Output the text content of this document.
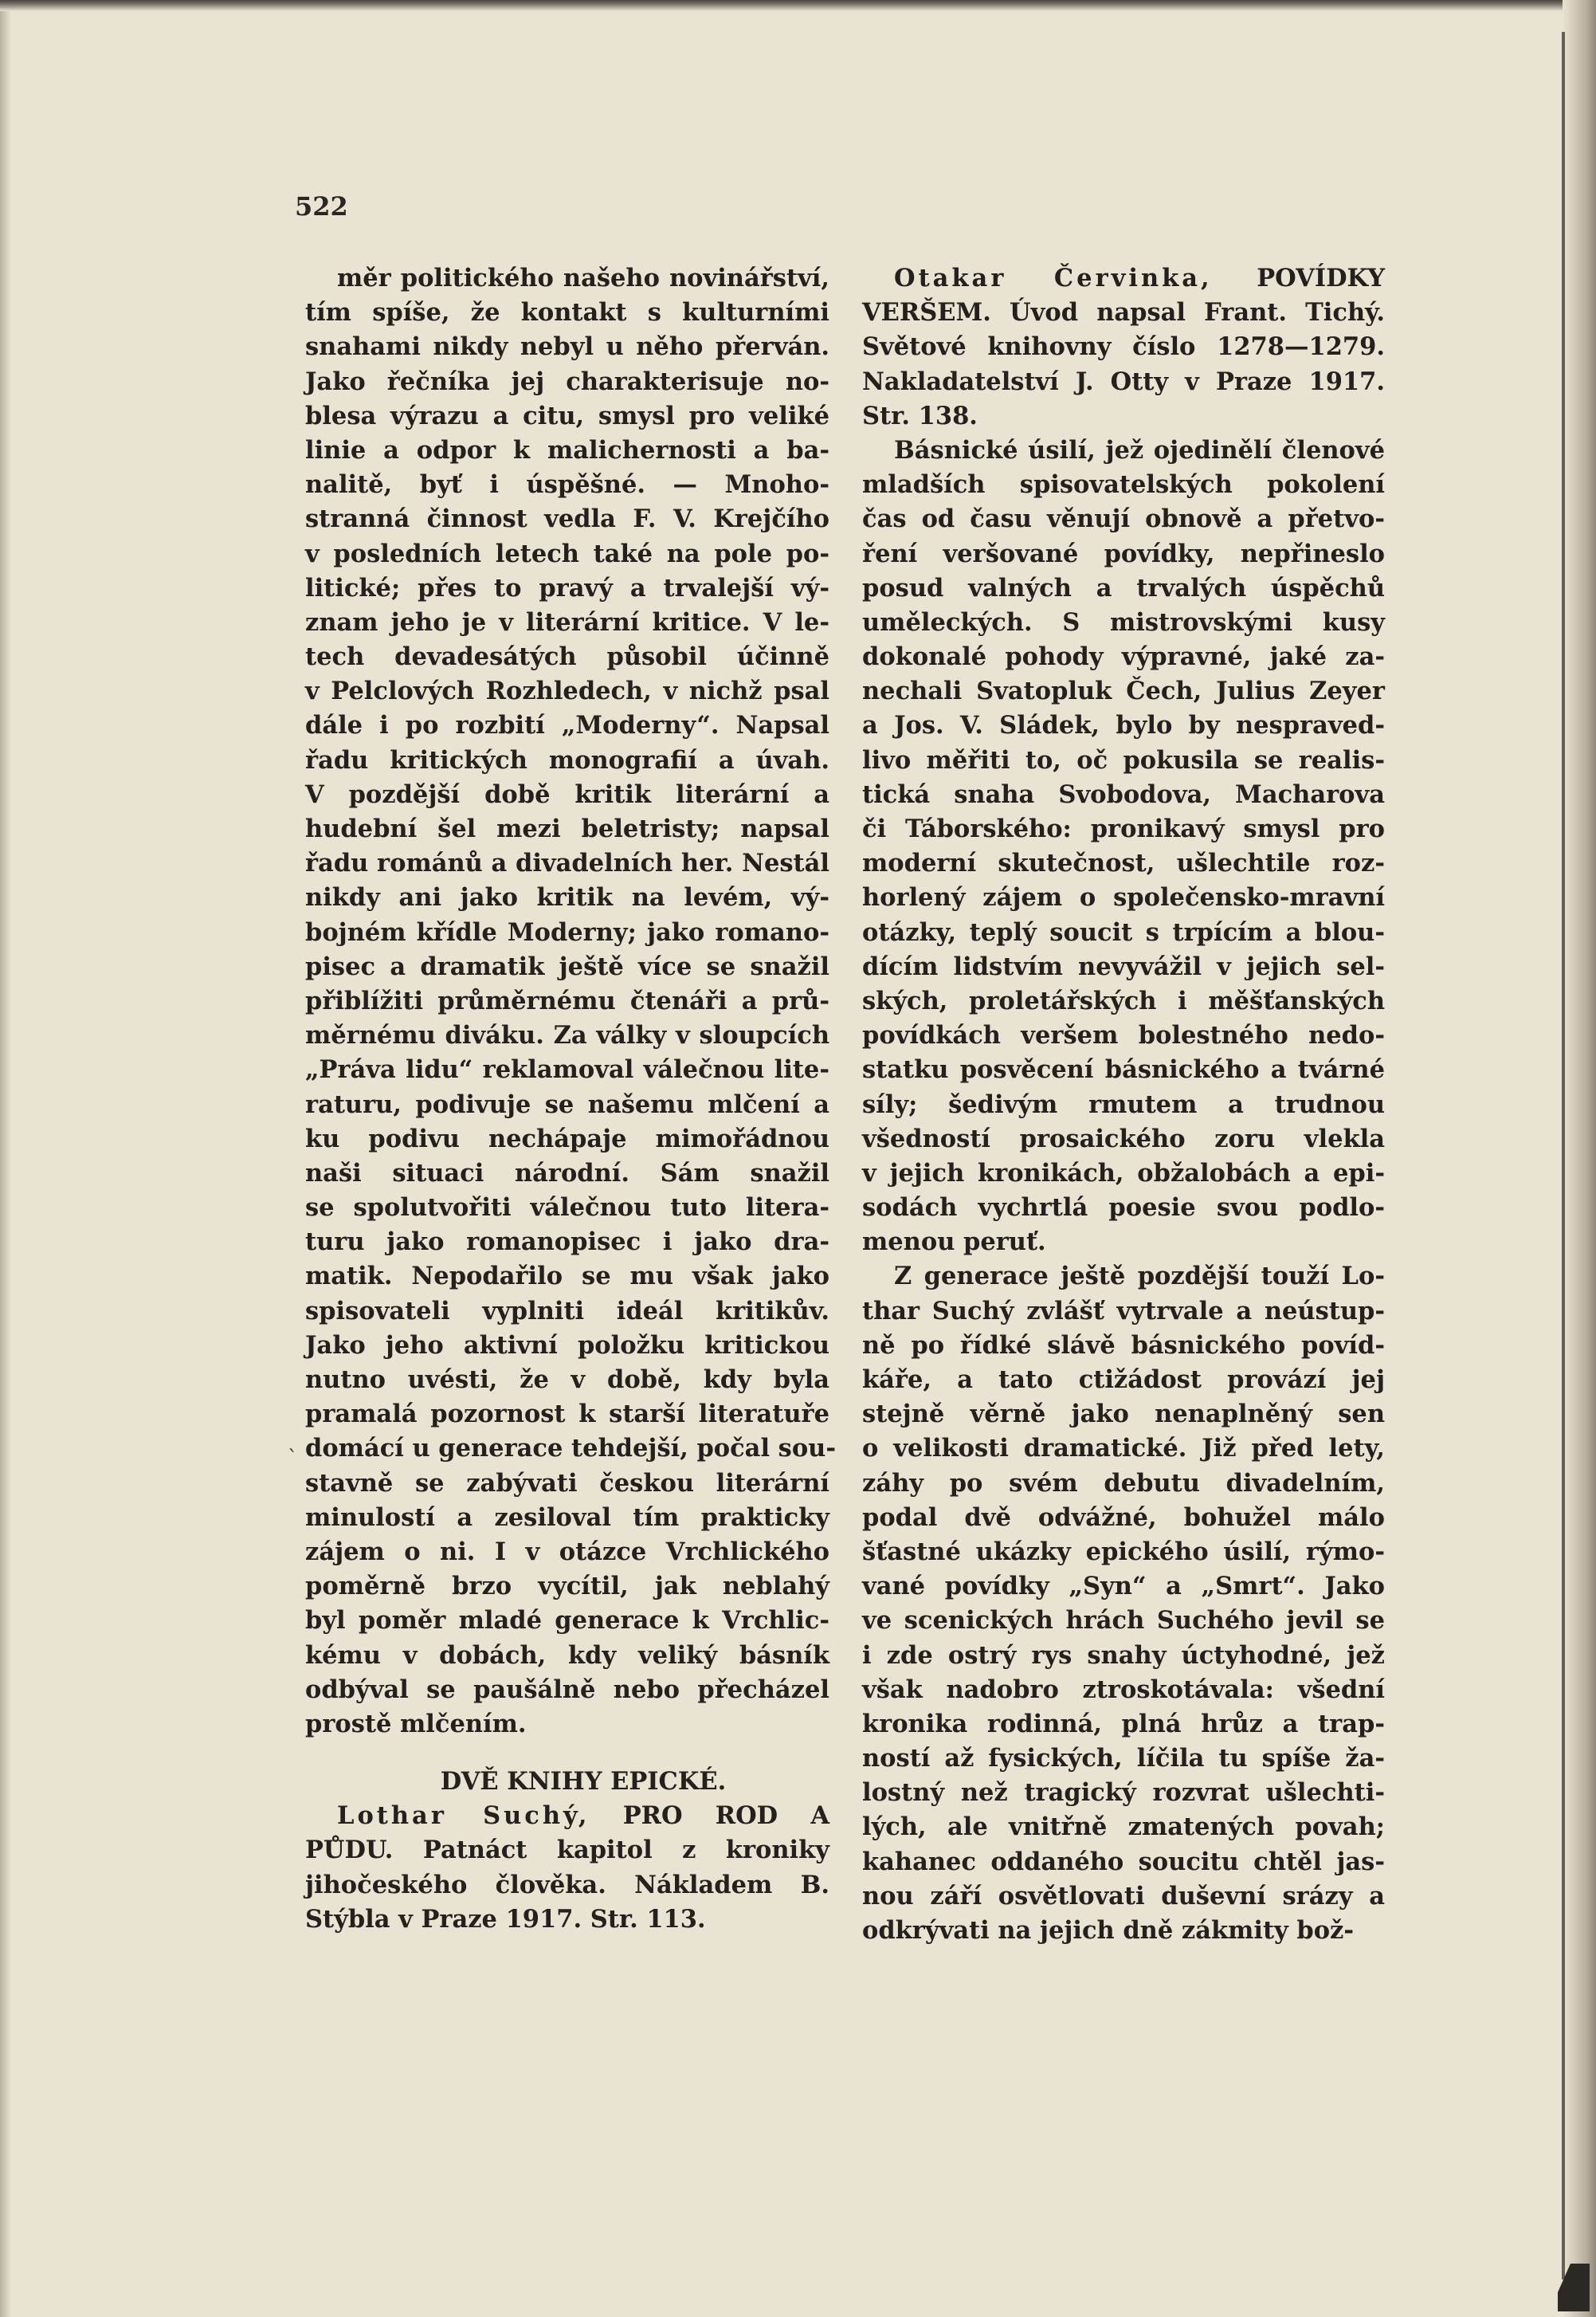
522
`
měr politického našeho novinářství,
tím spíše, že kontakt s kulturními
snahami nikdy nebyl u něho přerván.
Jako řečníka jej charakterisuje no-
blesa výrazu a citu, smysl pro veliké
linie a odpor k malichernosti a ba-
nalitě, byť i úspěšné. — Mnoho-
stranná činnost vedla F. V. Krejčího
v posledních letech také na pole po-
litické; přes to pravý a trvalejší vý-
znam jeho je v literární kritice. V le-
tech devadesátých působil účinně
v Pelclových Rozhledech, v nichž psal
dále i po rozbití „Moderny“. Napsal
řadu kritických monografií a úvah.
V pozdější době kritik literární a
hudební šel mezi beletristy; napsal
řadu románů a divadelních her. Nestál
nikdy ani jako kritik na levém, vý-
bojném křídle Moderny; jako romano-
pisec a dramatik ještě více se snažil
přiblížiti průměrnému čtenáři a prů-
měrnému diváku. Za války v sloupcích
„Práva lidu“ reklamoval válečnou lite-
raturu, podivuje se našemu mlčení a
ku podivu nechápaje mimořádnou
naši situaci národní. Sám snažil
se spolutvořiti válečnou tuto litera-
turu jako romanopisec i jako dra-
matik. Nepodařilo se mu však jako
spisovateli vyplniti ideál kritikův.
Jako jeho aktivní položku kritickou
nutno uvésti, že v době, kdy byla
pramalá pozornost k starší literatuře
domácí u generace tehdejší, počal sou-
stavně se zabývati českou literární
minulostí a zesiloval tím prakticky
zájem o ni. I v otázce Vrchlického
poměrně brzo vycítil, jak neblahý
byl poměr mladé generace k Vrchlic-
kému v dobách, kdy veliký básník
odbýval se paušálně nebo přecházel
prostě mlčením.
DVĚ KNIHY EPICKÉ.
Lothar Suchý, PRO ROD A
PŮDU. Patnáct kapitol z kroniky
jihočeského člověka. Nákladem B.
Stýbla v Praze 1917. Str. 113.
Otakar Červinka, POVÍDKY
VERŠEM. Úvod napsal Frant. Tichý.
Světové knihovny číslo 1278—1279.
Nakladatelství J. Otty v Praze 1917.
Str. 138.
Básnické úsilí, jež ojedinělí členové
mladších spisovatelských pokolení
čas od času věnují obnově a přetvo-
ření veršované povídky, nepřineslo
posud valných a trvalých úspěchů
uměleckých. S mistrovskými kusy
dokonalé pohody výpravné, jaké za-
nechali Svatopluk Čech, Julius Zeyer
a Jos. V. Sládek, bylo by nespraved-
livo měřiti to, oč pokusila se realis-
tická snaha Svobodova, Macharova
či Táborského: pronikavý smysl pro
moderní skutečnost, ušlechtile roz-
horlený zájem o společensko-mravní
otázky, teplý soucit s trpícím a blou-
dícím lidstvím nevyvážil v jejich sel-
ských, proletářských i měšťanských
povídkách veršem bolestného nedo-
statku posvěcení básnického a tvárné
síly; šedivým rmutem a trudnou
všedností prosaického zoru vlekla
v jejich kronikách, obžalobách a epi-
sodách vychrtlá poesie svou podlo-
menou peruť.
Z generace ještě pozdější touží Lo-
thar Suchý zvlášť vytrvale a neústup-
ně po řídké slávě básnického povíd-
káře, a tato ctižádost provází jej
stejně věrně jako nenaplněný sen
o velikosti dramatické. Již před lety,
záhy po svém debutu divadelním,
podal dvě odvážné, bohužel málo
šťastné ukázky epického úsilí, rýmo-
vané povídky „Syn“ a „Smrt“. Jako
ve scenických hrách Suchého jevil se
i zde ostrý rys snahy úctyhodné, jež
však nadobro ztroskotávala: všední
kronika rodinná, plná hrůz a trap-
ností až fysických, líčila tu spíše ža-
lostný než tragický rozvrat ušlechti-
lých, ale vnitřně zmatených povah;
kahanec oddaného soucitu chtěl jas-
nou září osvětlovati duševní srázy a
odkrývati na jejich dně zákmity bož-
